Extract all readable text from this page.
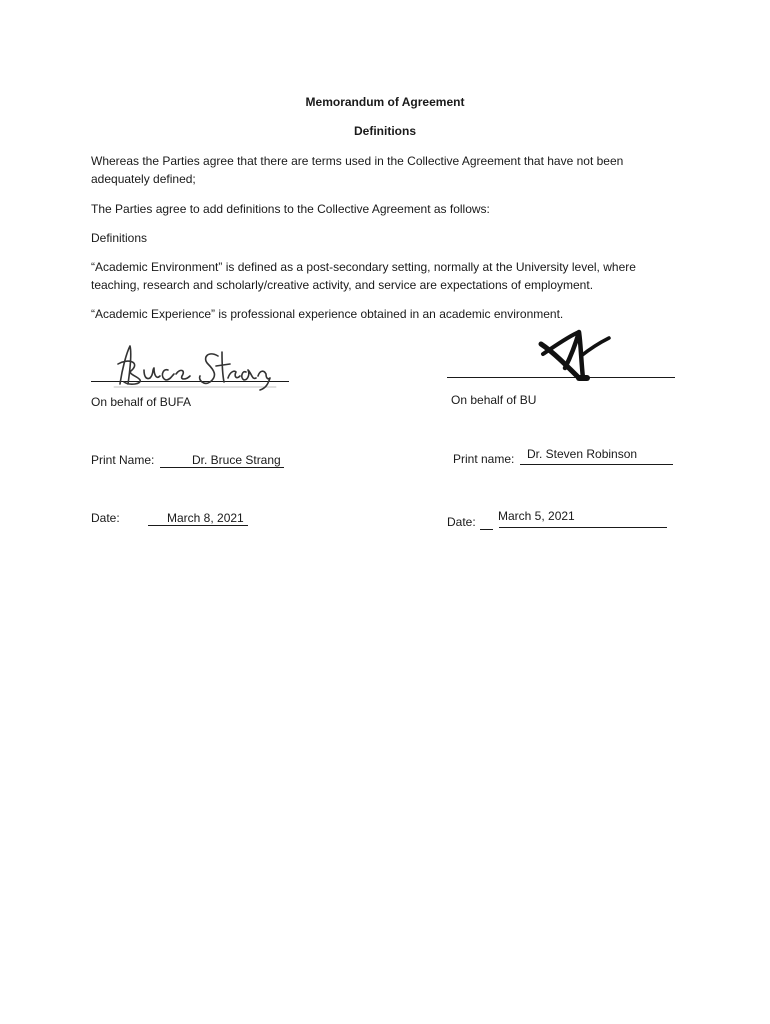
Memorandum of Agreement
Definitions
Whereas the Parties agree that there are terms used in the Collective Agreement that have not been adequately defined;
The Parties agree to add definitions to the Collective Agreement as follows:
Definitions
“Academic Environment” is defined as a post-secondary setting, normally at the University level, where teaching, research and scholarly/creative activity, and service are expectations of employment.
“Academic Experience” is professional experience obtained in an academic environment.
On behalf of BUFA
Print Name:	Dr. Bruce Strang
Date:	March 8, 2021
On behalf of BU
Print name: Dr. Steven Robinson
Date: March 5, 2021
